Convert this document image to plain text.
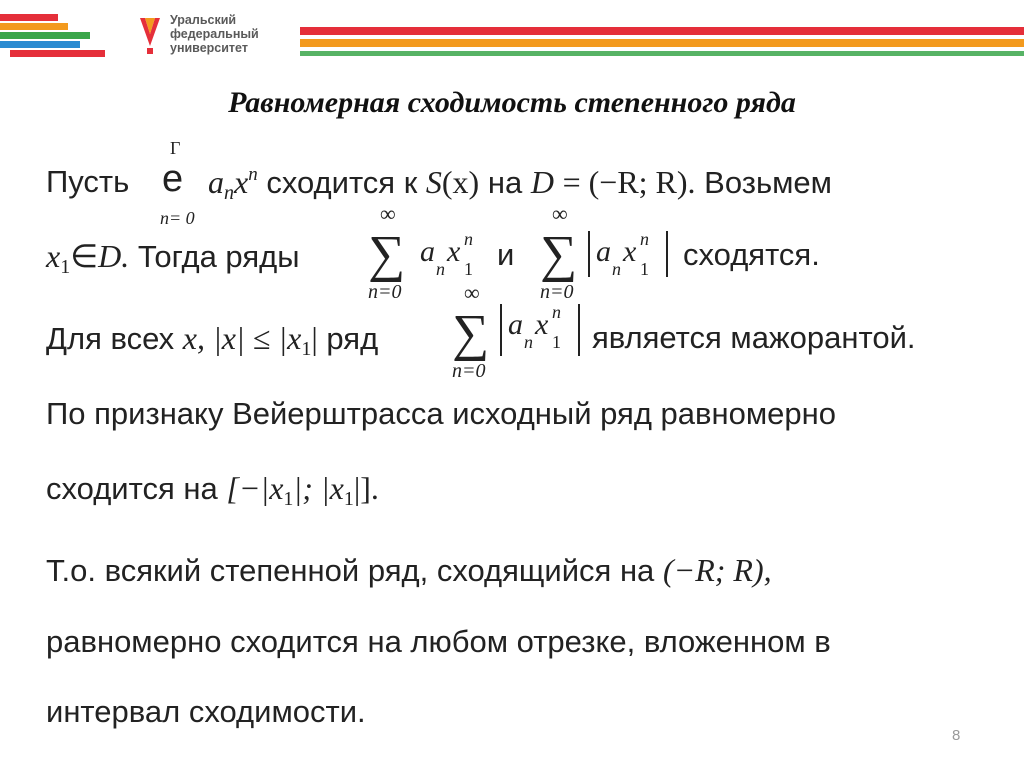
Уральский
федеральный
университет
Равномерная сходимость степенного ряда
Пусть
Γ
е
n= 0
$a_nx^n$ сходится к S(x) на D = (−R; R). Возьмем
$x_1\in D$. Тогда ряды
∞
∑
n=0
a
n
x n
1 и
∞
∑
n=0
a
n
x n
1 сходятся.
Для всех x, $|x| \le |x_1|$ ряд
∞
∑
n=0
a
n
x n
1 является мажорантой.
По признаку Вейерштрасса исходный ряд равномерно
сходится на [$-|x_1|$; $|x_1|$].
Т.о. всякий степенной ряд, сходящийся на (−R; R),
равномерно сходится на любом отрезке, вложенном в
интервал сходимости.
8
